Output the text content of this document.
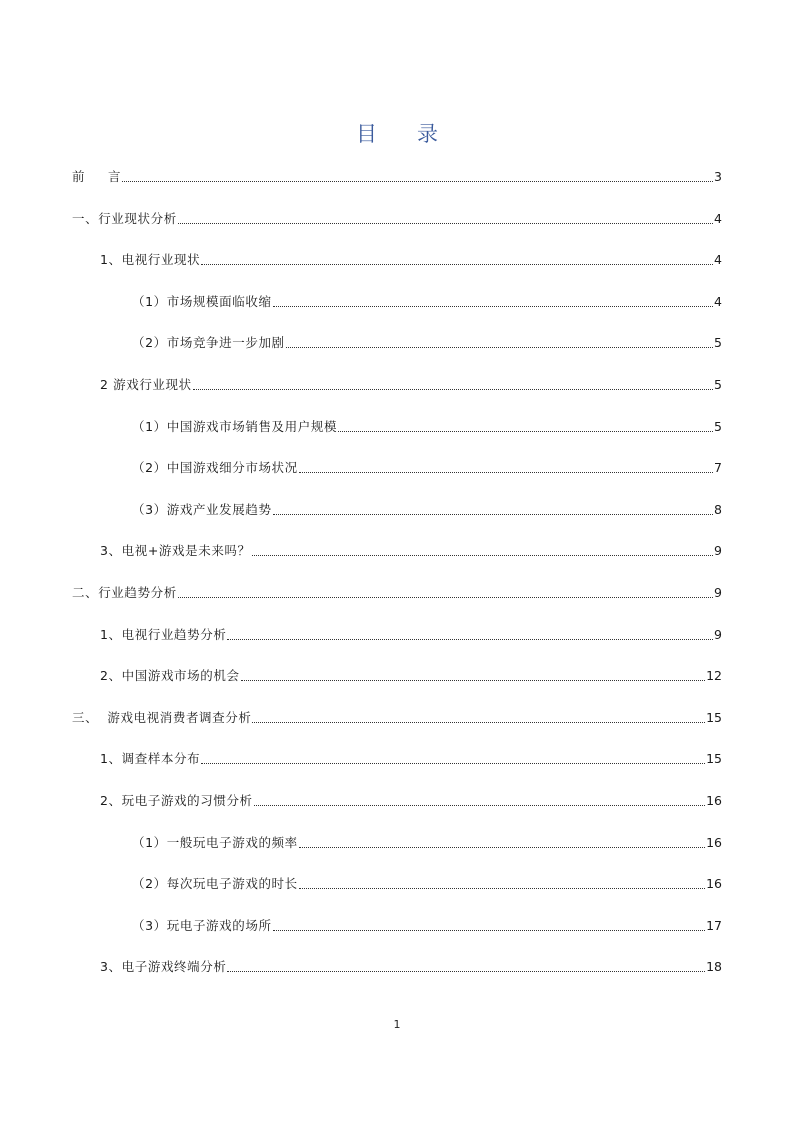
目 录
前     言	3
一、行业现状分析	4
1、电视行业现状	4
（1）市场规模面临收缩	4
（2）市场竞争进一步加剧	5
2 游戏行业现状	5
（1）中国游戏市场销售及用户规模	5
（2）中国游戏细分市场状况	7
（3）游戏产业发展趋势	8
3、电视+游戏是未来吗？	9
二、行业趋势分析	9
1、电视行业趋势分析	9
2、中国游戏市场的机会	12
三、  游戏电视消费者调查分析	15
1、调查样本分布	15
2、玩电子游戏的习惯分析	16
（1）一般玩电子游戏的频率	16
（2）每次玩电子游戏的时长	16
（3）玩电子游戏的场所	17
3、电子游戏终端分析	18
1
